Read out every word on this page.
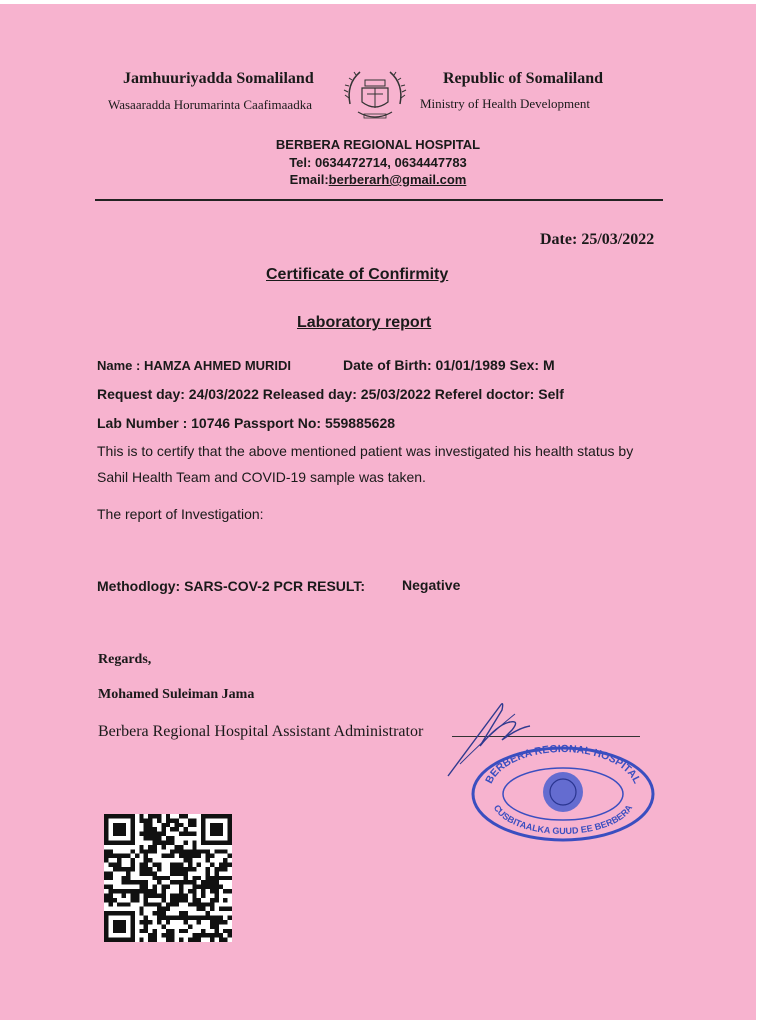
Jamhuuriyadda Somaliland
Wasaaradda Horumarinta Caafimaadka
Republic of Somaliland
Ministry of Health Development
BERBERA REGIONAL HOSPITAL
Tel: 0634472714, 0634447783
Email:berberarh@gmail.com
Date: 25/03/2022
Certificate of Confirmity
Laboratory report
Name : HAMZA AHMED MURIDI	Date of Birth: 01/01/1989 Sex: M
Request day: 24/03/2022 Released day: 25/03/2022 Referel doctor: Self
Lab Number : 10746 Passport No: 559885628
This is to certify that the above mentioned patient was investigated his health status by
Sahil Health Team and COVID-19 sample was taken.
The report of Investigation:
Methodlogy: SARS-COV-2 PCR RESULT:	Negative
Regards,
Mohamed Suleiman Jama
Berbera Regional Hospital Assistant Administrator
BERBERA REGIONAL HOSPITAL
CUSBITAALKA GUUD EE BERBERA
